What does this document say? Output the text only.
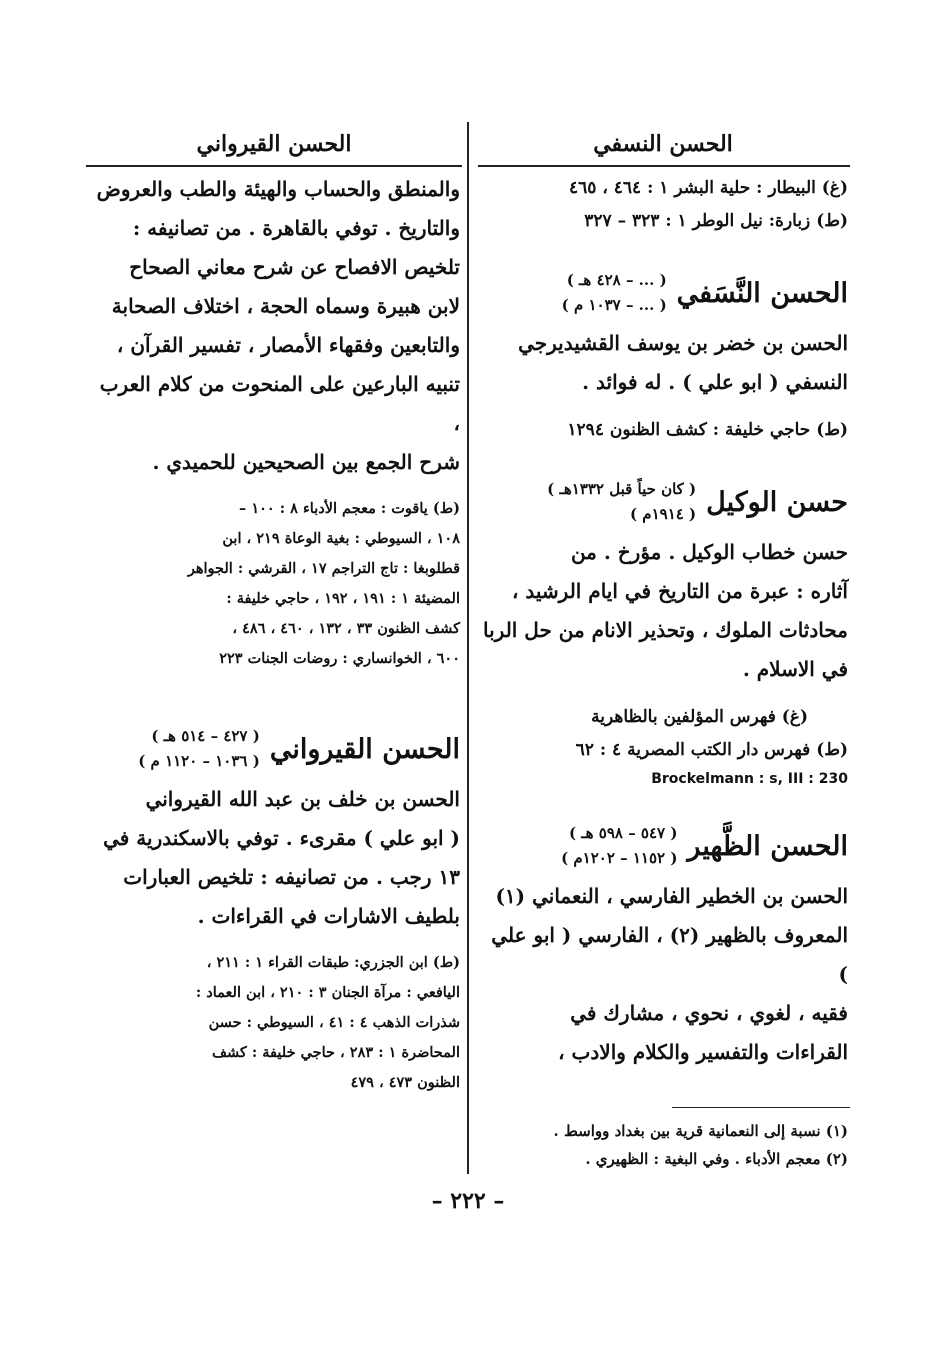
الحسن النسفي

(غ) البيطار : حلية البشر ١ : ٤٦٤ ، ٤٦٥

(ط) زبارة: نيل الوطر ١ : ٣٢٣ – ٣٢٧

الحسن النَّسَفي
( ... – ٤٢٨ هـ )
( ... – ١٠٣٧ م )

الحسن بن خضر بن يوسف القشيديرجي

النسفي ( ابو علي ) . له فوائد .

(ط) حاجي خليفة : كشف الظنون ١٢٩٤

حسن الوكيل
( كان حياً قبل ١٣٣٢هـ )
( ١٩١٤م )

حسن خطاب الوكيل . مؤرخ . من

آثاره : عبرة من التاريخ في ايام الرشيد ،

محادثات الملوك ، وتحذير الانام من حل الربا

في الاسلام .

(غ) فهرس المؤلفين بالظاهرية

(ط) فهرس دار الكتب المصرية ٤ : ٦٢

Brockelmann : s, III : 230

الحسن الظَّهير
( ٥٤٧ – ٥٩٨ هـ )
( ١١٥٢ – ١٢٠٢م )

الحسن بن الخطير الفارسي ، النعماني (١)

المعروف بالظهير (٢) ، الفارسي ( ابو علي )

فقيه ، لغوي ، نحوي ، مشارك في

القراءات والتفسير والكلام والادب ،

(١) نسبة إلى النعمانية قرية بين بغداد وواسط .
(٢) معجم الأدباء . وفي البغية : الظهيري .
الحسن القيرواني

والمنطق والحساب والهيئة والطب والعروض

والتاريخ . توفي بالقاهرة . من تصانيفه :

تلخيص الافصاح عن شرح معاني الصحاح

لابن هبيرة وسماه الحجة ، اختلاف الصحابة

والتابعين وفقهاء الأمصار ، تفسير القرآن ،

تنبيه البارعين على المنحوت من كلام العرب ،

شرح الجمع بين الصحيحين للحميدي .

(ط) ياقوت : معجم الأدباء ٨ : ١٠٠ –

١٠٨ ، السيوطي : بغية الوعاة ٢١٩ ، ابن

قطلوبغا : تاج التراجم ١٧ ، القرشي : الجواهر

المضيئة ١ : ١٩١ ، ١٩٢ ، حاجي خليفة :

كشف الظنون ٣٣ ، ١٣٢ ، ٤٦٠ ، ٤٨٦ ،

٦٠٠ ، الخوانساري : روضات الجنات ٢٢٣

الحسن القيرواني
( ٤٢٧ – ٥١٤ هـ )
( ١٠٣٦ – ١١٢٠ م )

الحسن بن خلف بن عبد الله القيرواني

( ابو علي ) مقرىء . توفي بالاسكندرية في

١٣ رجب . من تصانيفه : تلخيص العبارات

بلطيف الاشارات في القراءات .

(ط) ابن الجزري: طبقات القراء ١ : ٢١١ ،

اليافعي : مرآة الجنان ٣ : ٢١٠ ، ابن العماد :

شذرات الذهب ٤ : ٤١ ، السيوطي : حسن

المحاضرة ١ : ٢٨٣ ، حاجي خليفة : كشف

الظنون ٤٧٣ ، ٤٧٩

– ٢٢٢ –
